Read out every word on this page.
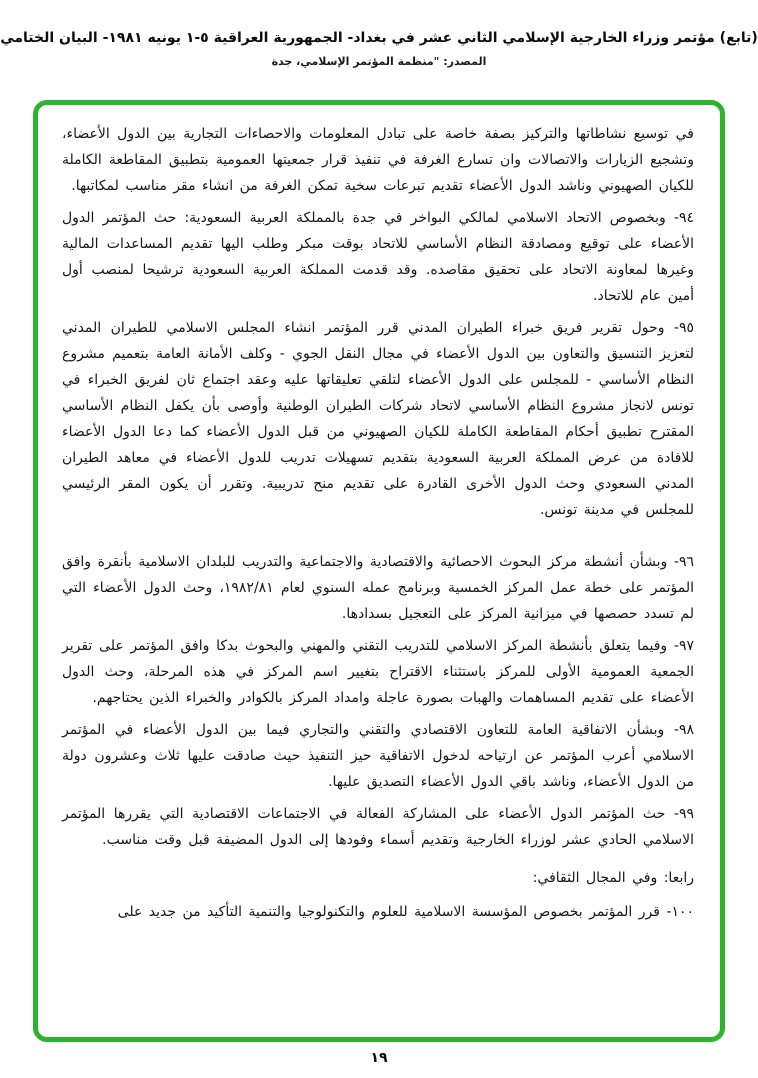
(تابع) مؤتمر وزراء الخارجية الإسلامي الثاني عشر في بغداد- الجمهورية العراقية ‭١-٥‬ يونيه ١٩٨١- البيان الختامي
المصدر: "منظمة المؤتمر الإسلامي، جدة

في توسيع نشاطاتها والتركيز بصفة خاصة على تبادل المعلومات والاحصاءات التجارية بين الدول الأعضاء، وتشجيع الزيارات والاتصالات وان تسارع الغرفة في تنفيذ قرار جمعيتها العمومية بتطبيق المقاطعة الكاملة للكيان الصهيوني وناشد الدول الأعضاء تقديم تبرعات سخية تمكن الغرفة من انشاء مقر مناسب لمكاتبها.

٩٤- وبخصوص الاتحاد الاسلامي لمالكي البواخر في جدة بالمملكة العربية السعودية: حث المؤتمر الدول الأعضاء على توقيع ومصادقة النظام الأساسي للاتحاد بوقت مبكر وطلب اليها تقديم المساعدات المالية وغيرها لمعاونة الاتحاد على تحقيق مقاصده. وقد قدمت المملكة العربية السعودية ترشيحا لمنصب أول أمين عام للاتحاد.

٩٥- وحول تقرير فريق خبراء الطيران المدني قرر المؤتمر انشاء المجلس الاسلامي للطيران المدني لتعزيز التنسيق والتعاون بين الدول الأعضاء في مجال النقل الجوي - وكلف الأمانة العامة بتعميم مشروع النظام الأساسي - للمجلس على الدول الأعضاء لتلقي تعليقاتها عليه وعقد اجتماع ثان لفريق الخبراء في تونس لانجاز مشروع النظام الأساسي لاتحاد شركات الطيران الوطنية وأوصى بأن يكفل النظام الأساسي المقترح تطبيق أحكام المقاطعة الكاملة للكيان الصهيوني من قبل الدول الأعضاء كما دعا الدول الأعضاء للافادة من عرض المملكة العربية السعودية بتقديم تسهيلات تدريب للدول الأعضاء في معاهد الطيران المدني السعودي وحث الدول الأخرى القادرة على تقديم منح تدريبية. وتقرر أن يكون المقر الرئيسي للمجلس في مدينة تونس.

٩٦- وبشأن أنشطة مركز البحوث الاحصائية والاقتصادية والاجتماعية والتدريب للبلدان الاسلامية بأنقرة وافق المؤتمر على خطة عمل المركز الخمسية وبرنامج عمله السنوي لعام ١٩٨٢/٨١، وحث الدول الأعضاء التي لم تسدد حصصها في ميزانية المركز على التعجيل بسدادها.

٩٧- وفيما يتعلق بأنشطة المركز الاسلامي للتدريب التقني والمهني والبحوث بدكا وافق المؤتمر على تقرير الجمعية العمومية الأولى للمركز باستثناء الاقتراح بتغيير اسم المركز في هذه المرحلة، وحث الدول الأعضاء على تقديم المساهمات والهبات بصورة عاجلة وامداد المركز بالكوادر والخبراء الذين يحتاجهم.

٩٨- وبشأن الاتفاقية العامة للتعاون الاقتصادي والتقني والتجاري فيما بين الدول الأعضاء في المؤتمر الاسلامي أعرب المؤتمر عن ارتياحه لدخول الاتفاقية حيز التنفيذ حيث صادقت عليها ثلاث وعشرون دولة من الدول الأعضاء، وناشد باقي الدول الأعضاء التصديق عليها.

٩٩- حث المؤتمر الدول الأعضاء على المشاركة الفعالة في الاجتماعات الاقتصادية التي يقررها المؤتمر الاسلامي الحادي عشر لوزراء الخارجية وتقديم أسماء وفودها إلى الدول المضيفة قبل وقت مناسب.

رابعا: وفي المجال الثقافي:

١٠٠- قرر المؤتمر بخصوص المؤسسة الاسلامية للعلوم والتكنولوجيا والتنمية التأكيد من جديد على

١٩
